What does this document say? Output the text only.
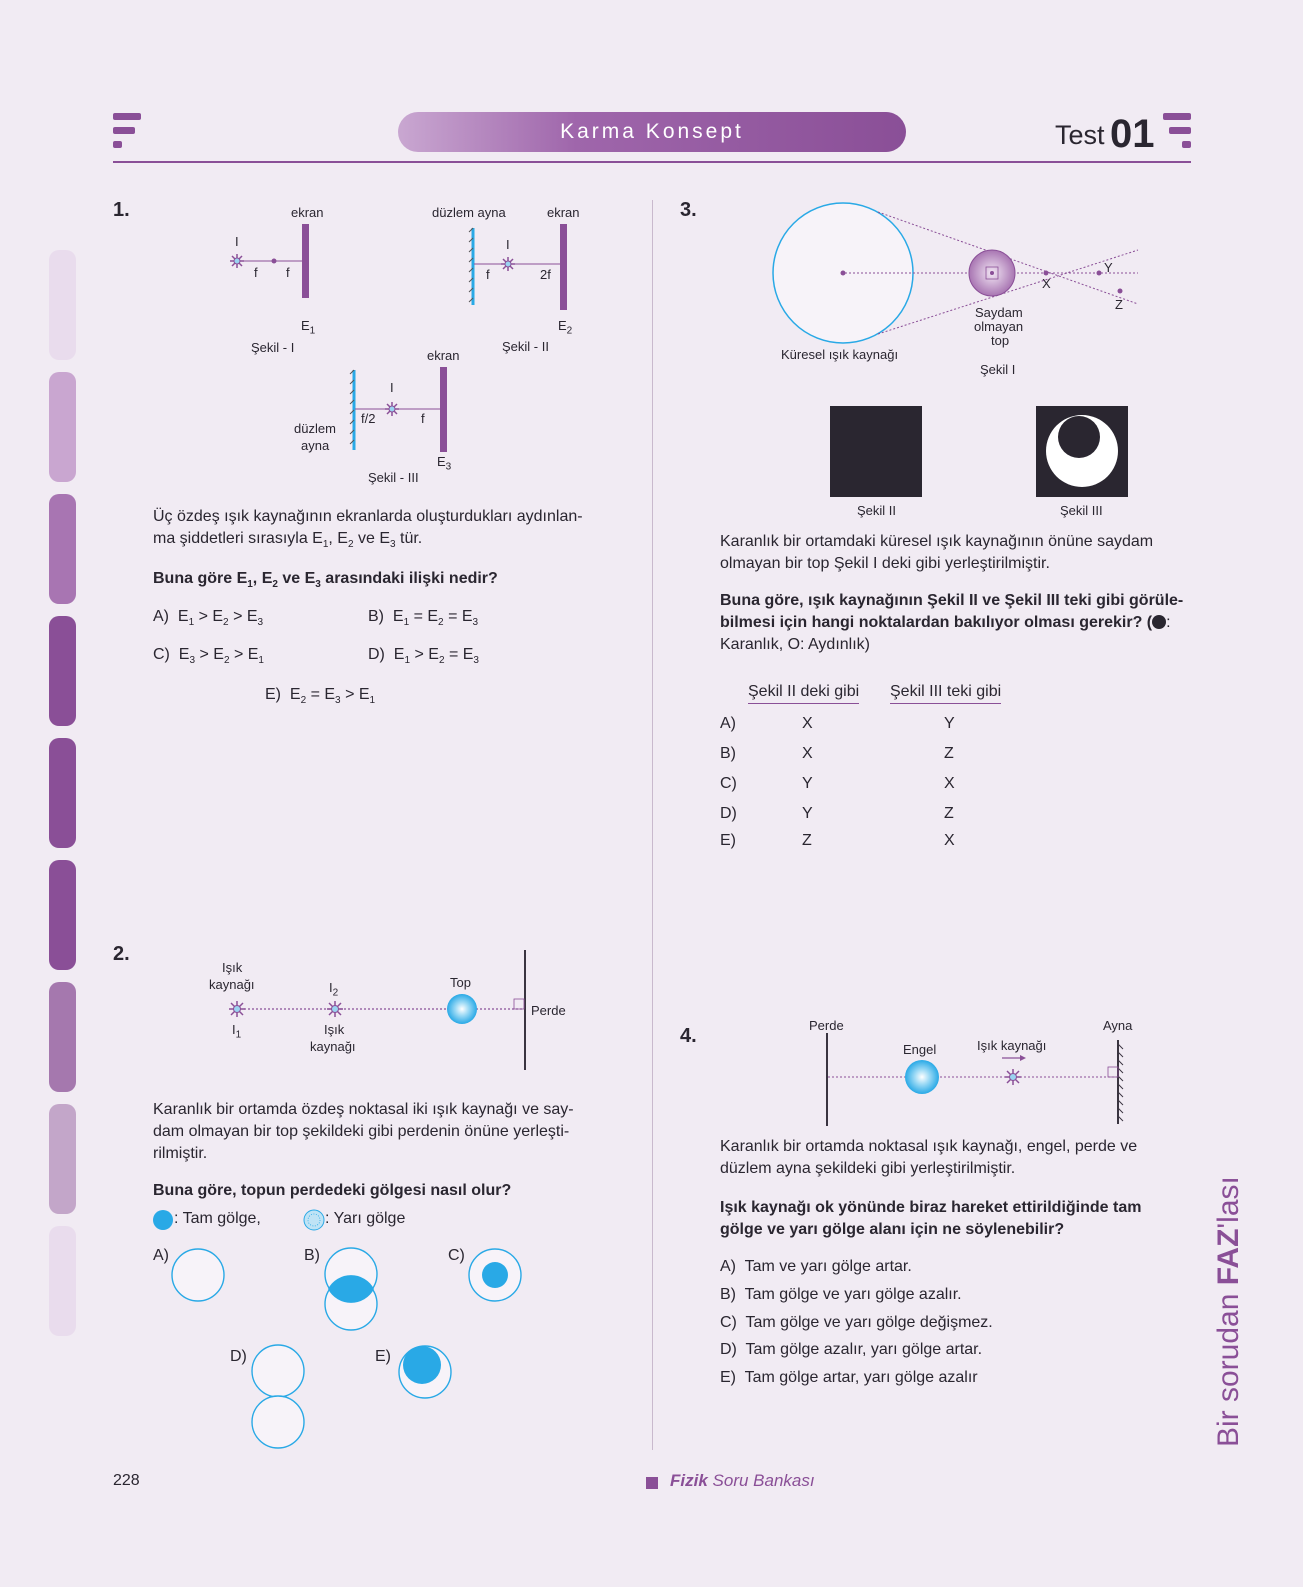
Karma Konsept	Test 01
1.	ekran
I
f f
$E_1$
Şekil - I
düzlem ayna	ekran
I
f	2f
$E_2$
Şekil - II
ekran
I
f/2	f
düzlem
ayna
$E_3$
Şekil - III
Üç özdeş ışık kaynağının ekranlarda oluşturdukları aydınlan-
ma şiddetleri sırasıyla $E_1$, $E_2$ ve $E_3$ tür.
Buna göre $E_1$, $E_2$ ve $E_3$ arasındaki ilişki nedir?
A) $E_1 > E_2 > E_3$	B) $E_1 = E_2 = E_3$
C) $E_3 > E_2 > E_1$	D) $E_1 > E_2 = E_3$
E)  $E_2 = E_3 > E_1$
2.
Işık
kaynağı
$I_1$
$I_2$
Işık
kaynağı
Top
Perde
Karanlık bir ortamda özdeş noktasal iki ışık kaynağı ve say-
dam olmayan bir top şekildeki gibi perdenin önüne yerleşti-
rilmiştir.
Buna göre, topun perdedeki gölgesi nasıl olur?
: Tam gölge,	: Yarı gölge
A)	B)	C)
D)	E)
3.
X
Y
Z
Saydam
olmayan
top
Küresel ışık kaynağı
Şekil I
Şekil II	Şekil III
Karanlık bir ortamdaki küresel ışık kaynağının önüne saydam
olmayan bir top Şekil I deki gibi yerleştirilmiştir.
Buna göre, ışık kaynağının Şekil II ve Şekil III teki gibi görüle-
bilmesi için hangi noktalardan bakılıyor olması gerekir? ( :
Karanlık, O: Aydınlık)
Şekil II deki gibi Şekil III teki gibi
A)	X	Y
B)	X	Z
C)	Y	X
D)	Y	Z
E)	Z	X
4.	Perde	Ayna
Engel	Işık kaynağı
Karanlık bir ortamda noktasal ışık kaynağı, engel, perde ve
düzlem ayna şekildeki gibi yerleştirilmiştir.
Işık kaynağı ok yönünde biraz hareket ettirildiğinde tam
gölge ve yarı gölge alanı için ne söylenebilir?
A) Tam ve yarı gölge artar.
B) Tam gölge ve yarı gölge azalır.
C) Tam gölge ve yarı gölge değişmez.
D) Tam gölge azalır, yarı gölge artar.
E) Tam gölge artar, yarı gölge azalır	Bir sorudan FAZ'lası
228	Fizik Soru Bankası
